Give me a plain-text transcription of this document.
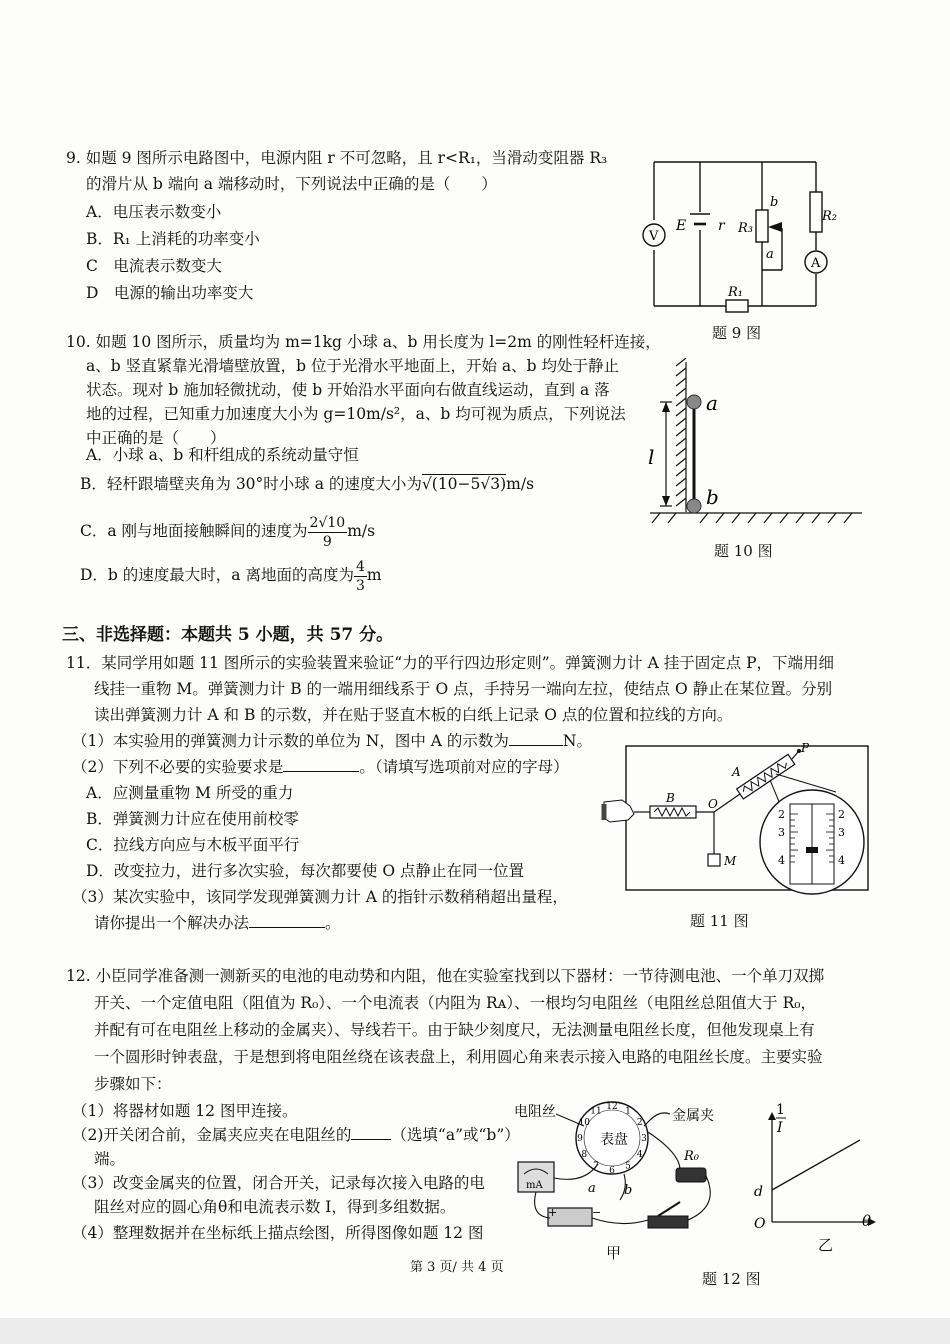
9. 如题 9 图所示电路图中，电源内阻 r 不可忽略，且 r<R₁，当滑动变阻器 R₃
的滑片从 b 端向 a 端移动时，下列说法中正确的是（　　）
A．电压表示数变小
B．R₁ 上消耗的功率变小
C　电流表示数变大
D　电源的输出功率变大
V
E r R₃
b
a
R₂
A
R₁
题 9 图
10. 如题 10 图所示，质量均为 m=1kg 小球 a、b 用长度为 l=2m 的刚性轻杆连接，
a、b 竖直紧靠光滑墙壁放置，b 位于光滑水平地面上，开始 a、b 均处于静止
状态。现对 b 施加轻微扰动，使 b 开始沿水平面向右做直线运动，直到 a 落
地的过程，已知重力加速度大小为 g=10m/s²，a、b 均可视为质点，下列说法
中正确的是（　　）
A．小球 a、b 和杆组成的系统动量守恒
B．轻杆跟墙壁夹角为 30°时小球 a 的速度大小为√(10−5√3)m/s
C．a 刚与地面接触瞬间的速度为 $\frac{2√10}{9} m/s$
D．b 的速度最大时，a 离地面的高度为 $\frac{4}{3}$ m
a
b
l
题 10 图
三、非选择题：本题共 5 小题，共 57 分。
11．某同学用如题 11 图所示的实验装置来验证“力的平行四边形定则”。弹簧测力计 A 挂于固定点 P，下端用细
线挂一重物 M。弹簧测力计 B 的一端用细线系于 O 点，手持另一端向左拉，使结点 O 静止在某位置。分别
读出弹簧测力计 A 和 B 的示数，并在贴于竖直木板的白纸上记录 O 点的位置和拉线的方向。
（1）本实验用的弹簧测力计示数的单位为 N，图中 A 的示数为	N。
（2）下列不必要的实验要求是	。（请填写选项前对应的字母）
A．应测量重物 M 所受的重力
B．弹簧测力计应在使用前校零
C．拉线方向应与木板平面平行
D．改变拉力，进行多次实验，每次都要使 O 点静止在同一位置
（3）某次实验中，该同学发现弹簧测力计 A 的指针示数稍稍超出量程，
请你提出一个解决办法	。
B	O
M
P
A
2	2
3	3
4	4
题 11 图
12. 小臣同学准备测一测新买的电池的电动势和内阻，他在实验室找到以下器材：一节待测电池、一个单刀双掷
开关、一个定值电阻（阻值为 R₀）、一个电流表（内阻为 Rᴀ）、一根均匀电阻丝（电阻丝总阻值大于 R₀，
并配有可在电阻丝上移动的金属夹）、导线若干。由于缺少刻度尺，无法测量电阻丝长度，但他发现桌上有
一个圆形时钟表盘，于是想到将电阻丝绕在该表盘上，利用圆心角来表示接入电路的电阻丝长度。主要实验
步骤如下：
（1）将器材如题 12 图甲连接。
（2)开关闭合前，金属夹应夹在电阻丝的	（选填“a”或“b”）
端。
（3）改变金属夹的位置，闭合开关，记录每次接入电路的电
阻丝对应的圆心角θ和电流表示数 I，得到多组数据。
（4）整理数据并在坐标纸上描点绘图，所得图像如题 12 图
表盘
12 1
2
3
4
5
6
7
8
9
10
11
电阻丝	金属夹
mA
R₀
a b
+	−
甲
1
I
d
O	θ
乙
题 12 图
第 3 页/ 共 4 页
